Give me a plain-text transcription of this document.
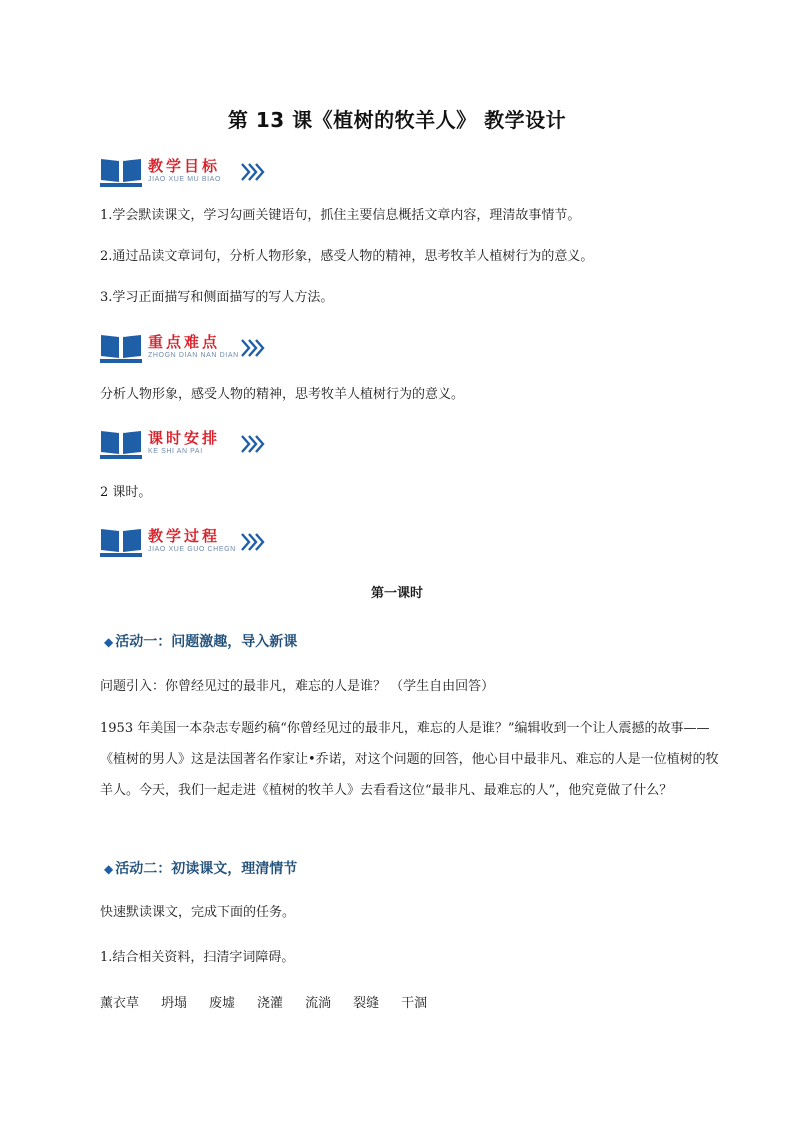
第 13 课《植树的牧羊人》 教学设计
教学目标
JIAO XUE MU BIAO
1.学会默读课文，学习勾画关键语句，抓住主要信息概括文章内容，理清故事情节。
2.通过品读文章词句，分析人物形象，感受人物的精神，思考牧羊人植树行为的意义。
3.学习正面描写和侧面描写的写人方法。
重点难点
ZHOGN DIAN NAN DIAN
分析人物形象，感受人物的精神，思考牧羊人植树行为的意义。
课时安排
KE SHI AN PAI
2 课时。
教学过程
JIAO XUE GUO CHEGN
第一课时
◆ 活动一：问题激趣，导入新课
问题引入：你曾经见过的最非凡，难忘的人是谁？ （学生自由回答）
1953 年美国一本杂志专题约稿“你曾经见过的最非凡，难忘的人是谁？”编辑收到一个让人震撼的故事——《植树的男人》这是法国著名作家让•乔诺，对这个问题的回答，他心目中最非凡、难忘的人是一位植树的牧羊人。今天，我们一起走进《植树的牧羊人》去看看这位“最非凡、最难忘的人”，他究竟做了什么？
◆ 活动二：初读课文，理清情节
快速默读课文，完成下面的任务。
1.结合相关资料，扫清字词障碍。
薰衣草 坍塌 废墟 浇灌 流淌 裂缝 干涸
